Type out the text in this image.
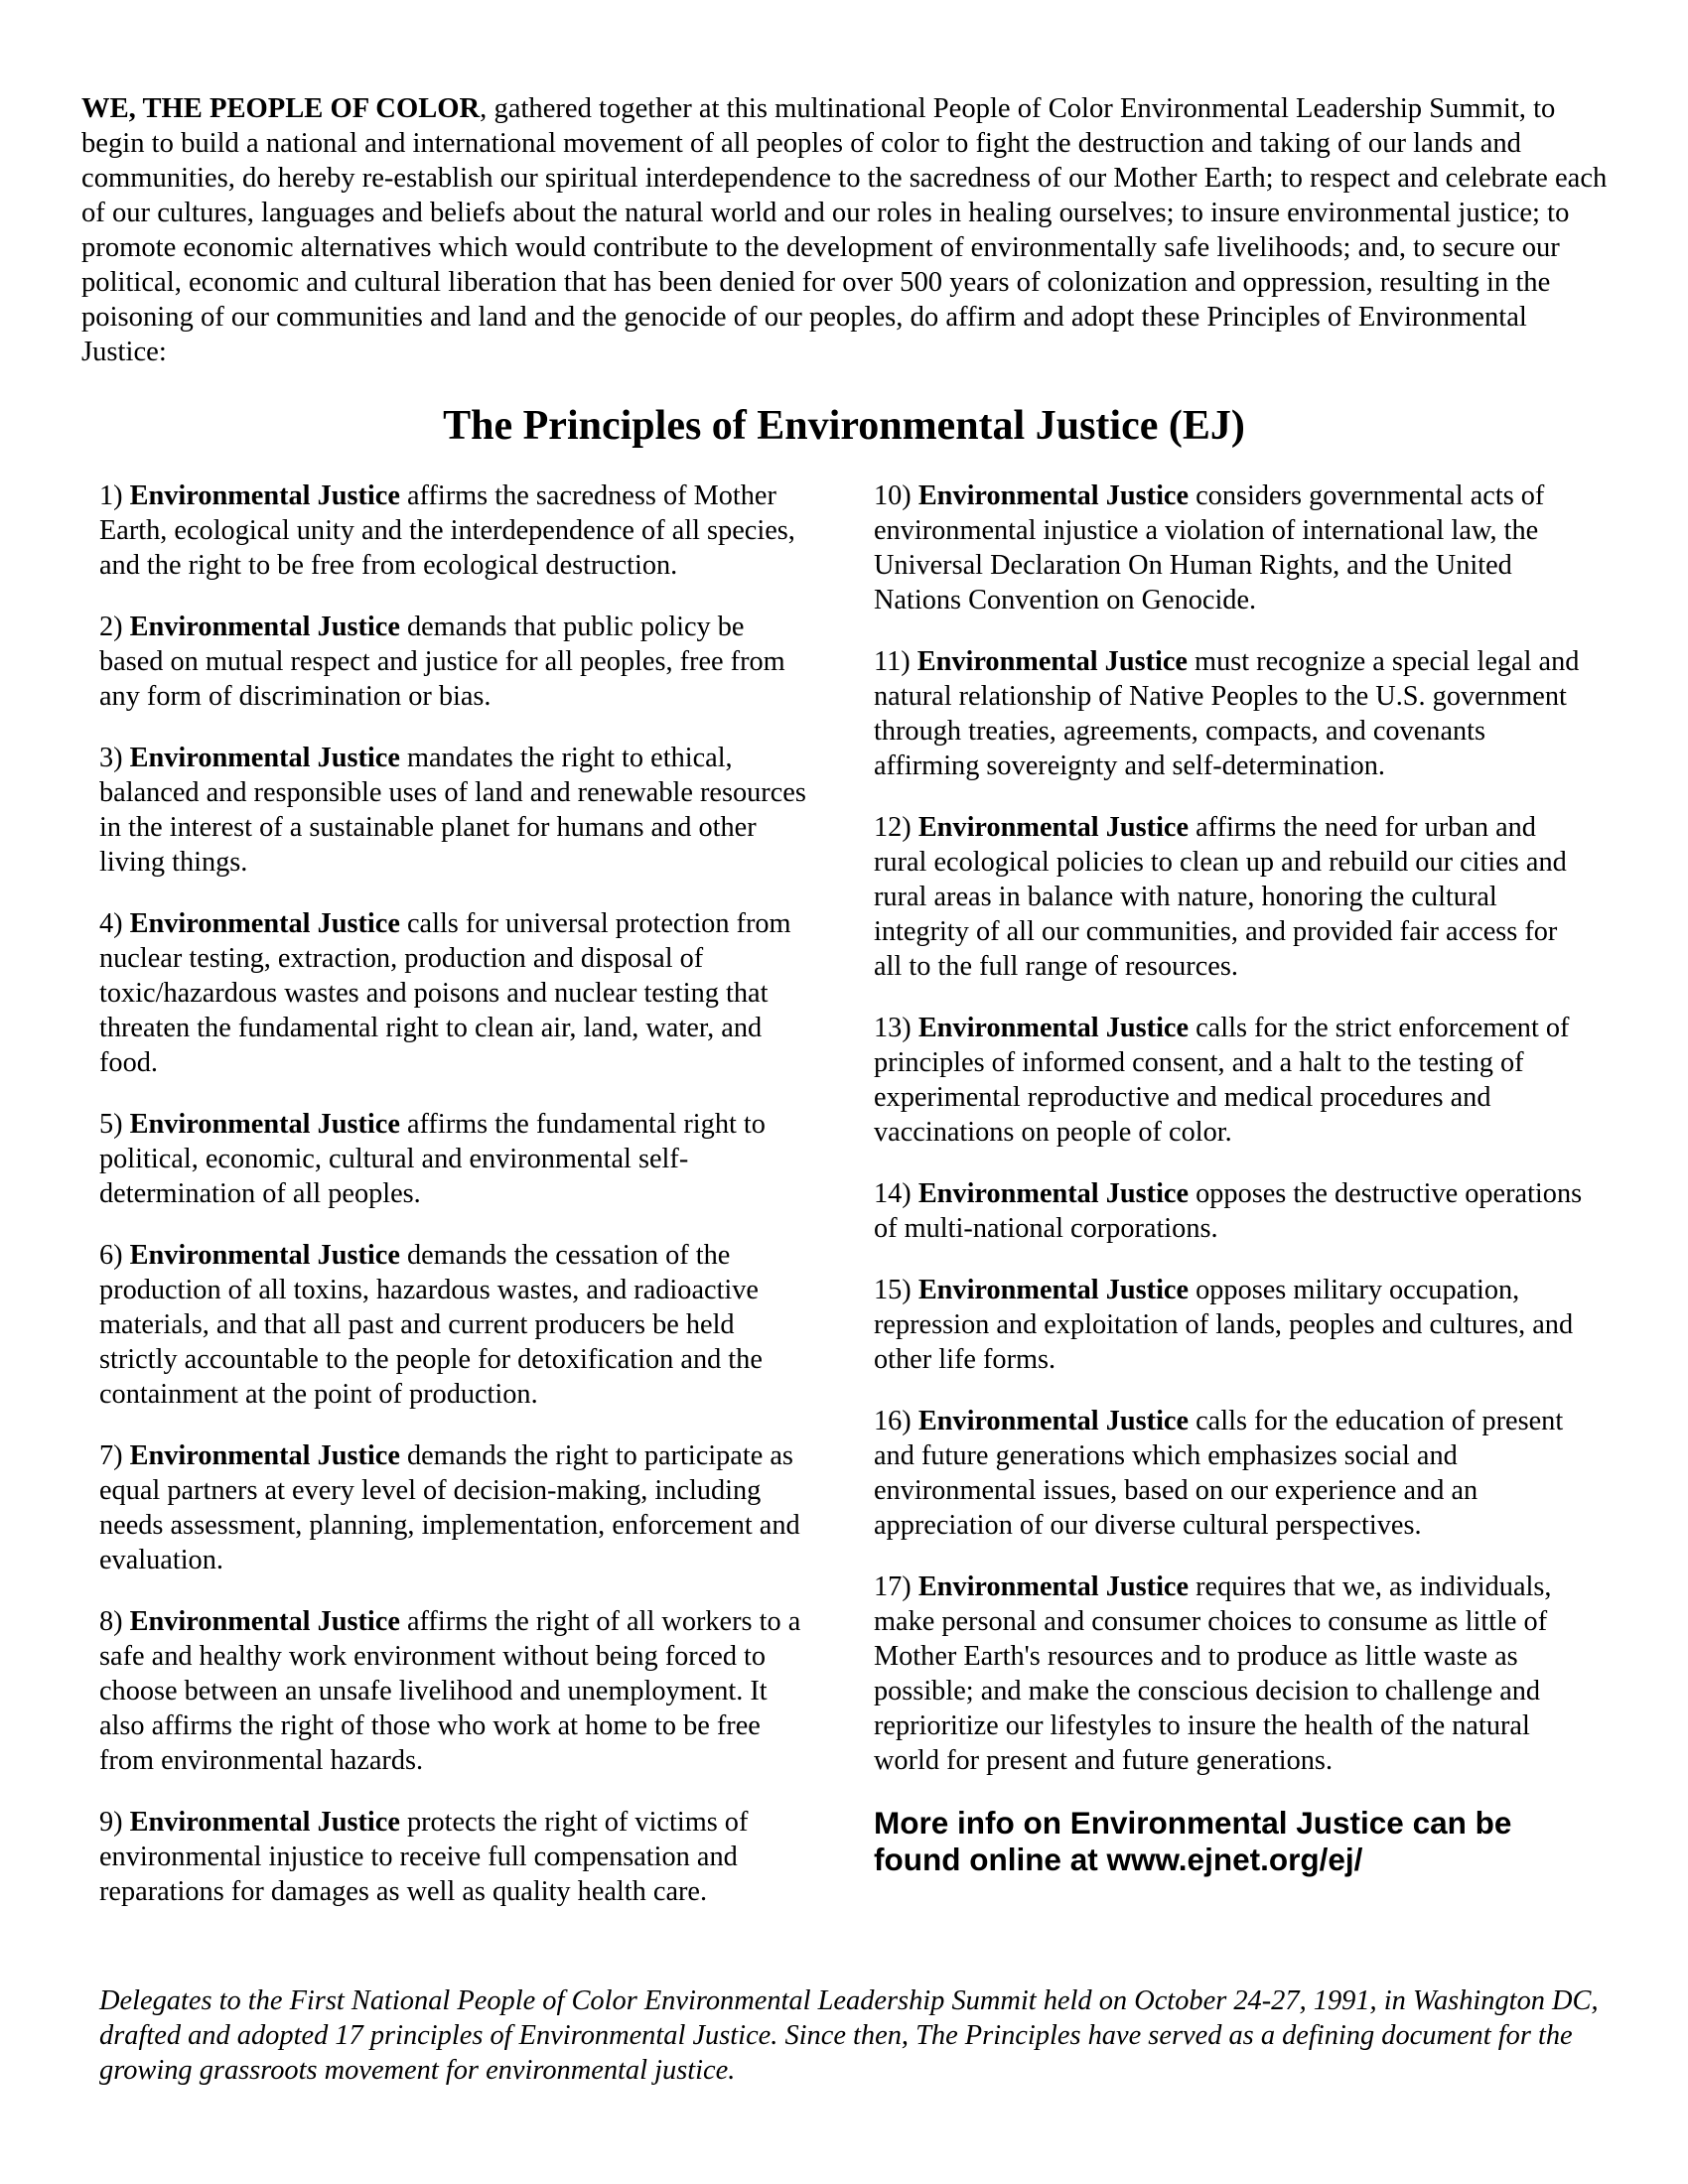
WE, THE PEOPLE OF COLOR, gathered together at this multinational People of Color Environmental Leadership Summit, to begin to build a national and international movement of all peoples of color to fight the destruction and taking of our lands and communities, do hereby re-establish our spiritual interdependence to the sacredness of our Mother Earth; to respect and celebrate each of our cultures, languages and beliefs about the natural world and our roles in healing ourselves; to insure environmental justice; to promote economic alternatives which would contribute to the development of environmentally safe livelihoods; and, to secure our political, economic and cultural liberation that has been denied for over 500 years of colonization and oppression, resulting in the poisoning of our communities and land and the genocide of our peoples, do affirm and adopt these Principles of Environmental Justice:

The Principles of Environmental Justice (EJ)

1) Environmental Justice affirms the sacredness of Mother Earth, ecological unity and the interdependence of all species, and the right to be free from ecological destruction.

2) Environmental Justice demands that public policy be based on mutual respect and justice for all peoples, free from any form of discrimination or bias.

3) Environmental Justice mandates the right to ethical, balanced and responsible uses of land and renewable resources in the interest of a sustainable planet for humans and other living things.

4) Environmental Justice calls for universal protection from nuclear testing, extraction, production and disposal of toxic/hazardous wastes and poisons and nuclear testing that threaten the fundamental right to clean air, land, water, and food.

5) Environmental Justice affirms the fundamental right to political, economic, cultural and environmental self-determination of all peoples.

6) Environmental Justice demands the cessation of the production of all toxins, hazardous wastes, and radioactive materials, and that all past and current producers be held strictly accountable to the people for detoxification and the containment at the point of production.

7) Environmental Justice demands the right to participate as equal partners at every level of decision-making, including needs assessment, planning, implementation, enforcement and evaluation.

8) Environmental Justice affirms the right of all workers to a safe and healthy work environment without being forced to choose between an unsafe livelihood and unemployment. It also affirms the right of those who work at home to be free from environmental hazards.

9) Environmental Justice protects the right of victims of environmental injustice to receive full compensation and reparations for damages as well as quality health care.

10) Environmental Justice considers governmental acts of environmental injustice a violation of international law, the Universal Declaration On Human Rights, and the United Nations Convention on Genocide.

11) Environmental Justice must recognize a special legal and natural relationship of Native Peoples to the U.S. government through treaties, agreements, compacts, and covenants affirming sovereignty and self-determination.

12) Environmental Justice affirms the need for urban and rural ecological policies to clean up and rebuild our cities and rural areas in balance with nature, honoring the cultural integrity of all our communities, and provided fair access for all to the full range of resources.

13) Environmental Justice calls for the strict enforcement of principles of informed consent, and a halt to the testing of experimental reproductive and medical procedures and vaccinations on people of color.

14) Environmental Justice opposes the destructive operations of multi-national corporations.

15) Environmental Justice opposes military occupation, repression and exploitation of lands, peoples and cultures, and other life forms.

16) Environmental Justice calls for the education of present and future generations which emphasizes social and environmental issues, based on our experience and an appreciation of our diverse cultural perspectives.

17) Environmental Justice requires that we, as individuals, make personal and consumer choices to consume as little of Mother Earth's resources and to produce as little waste as possible; and make the conscious decision to challenge and reprioritize our lifestyles to insure the health of the natural world for present and future generations.

More info on Environmental Justice can be found online at www.ejnet.org/ej/

Delegates to the First National People of Color Environmental Leadership Summit held on October 24-27, 1991, in Washington DC, drafted and adopted 17 principles of Environmental Justice. Since then, The Principles have served as a defining document for the growing grassroots movement for environmental justice.
